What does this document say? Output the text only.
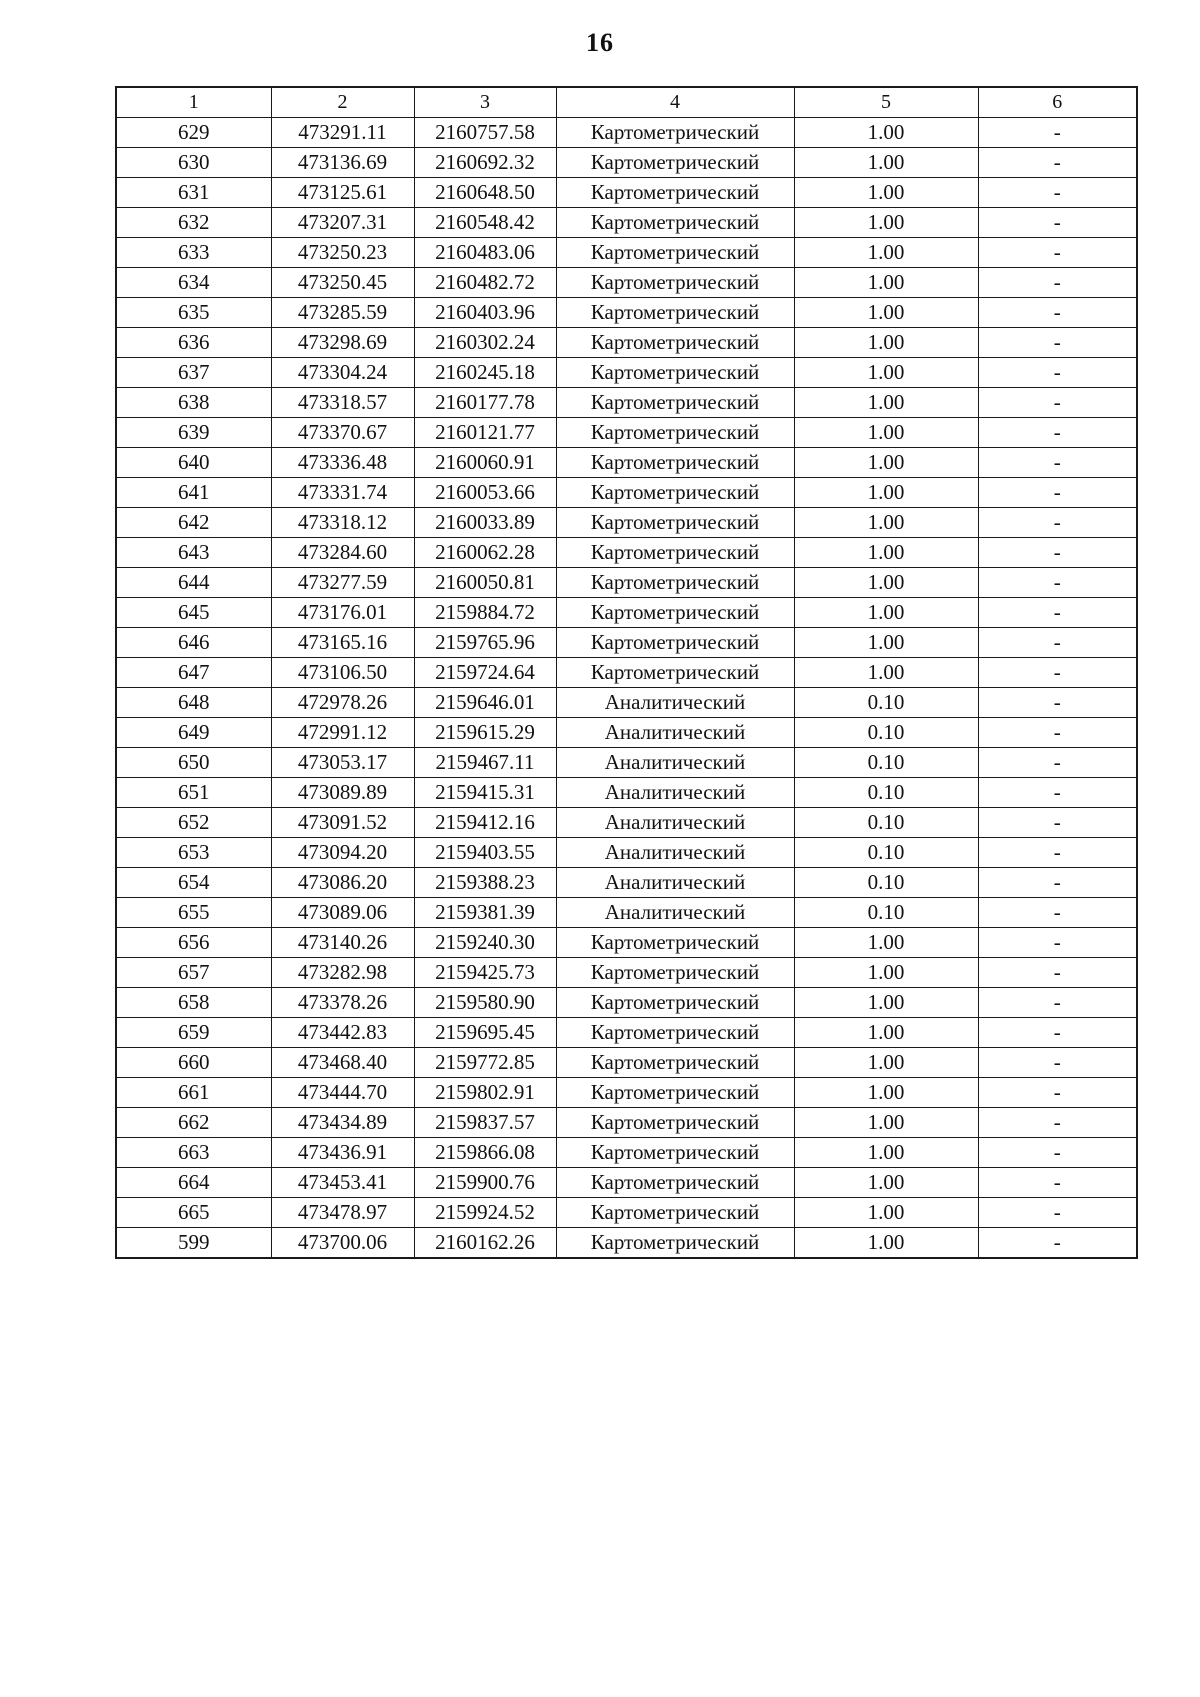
16
1	2	3	4	5	6
629	473291.11	2160757.58	Картометрический	1.00	-
630	473136.69	2160692.32	Картометрический	1.00	-
631	473125.61	2160648.50	Картометрический	1.00	-
632	473207.31	2160548.42	Картометрический	1.00	-
633	473250.23	2160483.06	Картометрический	1.00	-
634	473250.45	2160482.72	Картометрический	1.00	-
635	473285.59	2160403.96	Картометрический	1.00	-
636	473298.69	2160302.24	Картометрический	1.00	-
637	473304.24	2160245.18	Картометрический	1.00	-
638	473318.57	2160177.78	Картометрический	1.00	-
639	473370.67	2160121.77	Картометрический	1.00	-
640	473336.48	2160060.91	Картометрический	1.00	-
641	473331.74	2160053.66	Картометрический	1.00	-
642	473318.12	2160033.89	Картометрический	1.00	-
643	473284.60	2160062.28	Картометрический	1.00	-
644	473277.59	2160050.81	Картометрический	1.00	-
645	473176.01	2159884.72	Картометрический	1.00	-
646	473165.16	2159765.96	Картометрический	1.00	-
647	473106.50	2159724.64	Картометрический	1.00	-
648	472978.26	2159646.01	Аналитический	0.10	-
649	472991.12	2159615.29	Аналитический	0.10	-
650	473053.17	2159467.11	Аналитический	0.10	-
651	473089.89	2159415.31	Аналитический	0.10	-
652	473091.52	2159412.16	Аналитический	0.10	-
653	473094.20	2159403.55	Аналитический	0.10	-
654	473086.20	2159388.23	Аналитический	0.10	-
655	473089.06	2159381.39	Аналитический	0.10	-
656	473140.26	2159240.30	Картометрический	1.00	-
657	473282.98	2159425.73	Картометрический	1.00	-
658	473378.26	2159580.90	Картометрический	1.00	-
659	473442.83	2159695.45	Картометрический	1.00	-
660	473468.40	2159772.85	Картометрический	1.00	-
661	473444.70	2159802.91	Картометрический	1.00	-
662	473434.89	2159837.57	Картометрический	1.00	-
663	473436.91	2159866.08	Картометрический	1.00	-
664	473453.41	2159900.76	Картометрический	1.00	-
665	473478.97	2159924.52	Картометрический	1.00	-
599	473700.06	2160162.26	Картометрический	1.00	-
